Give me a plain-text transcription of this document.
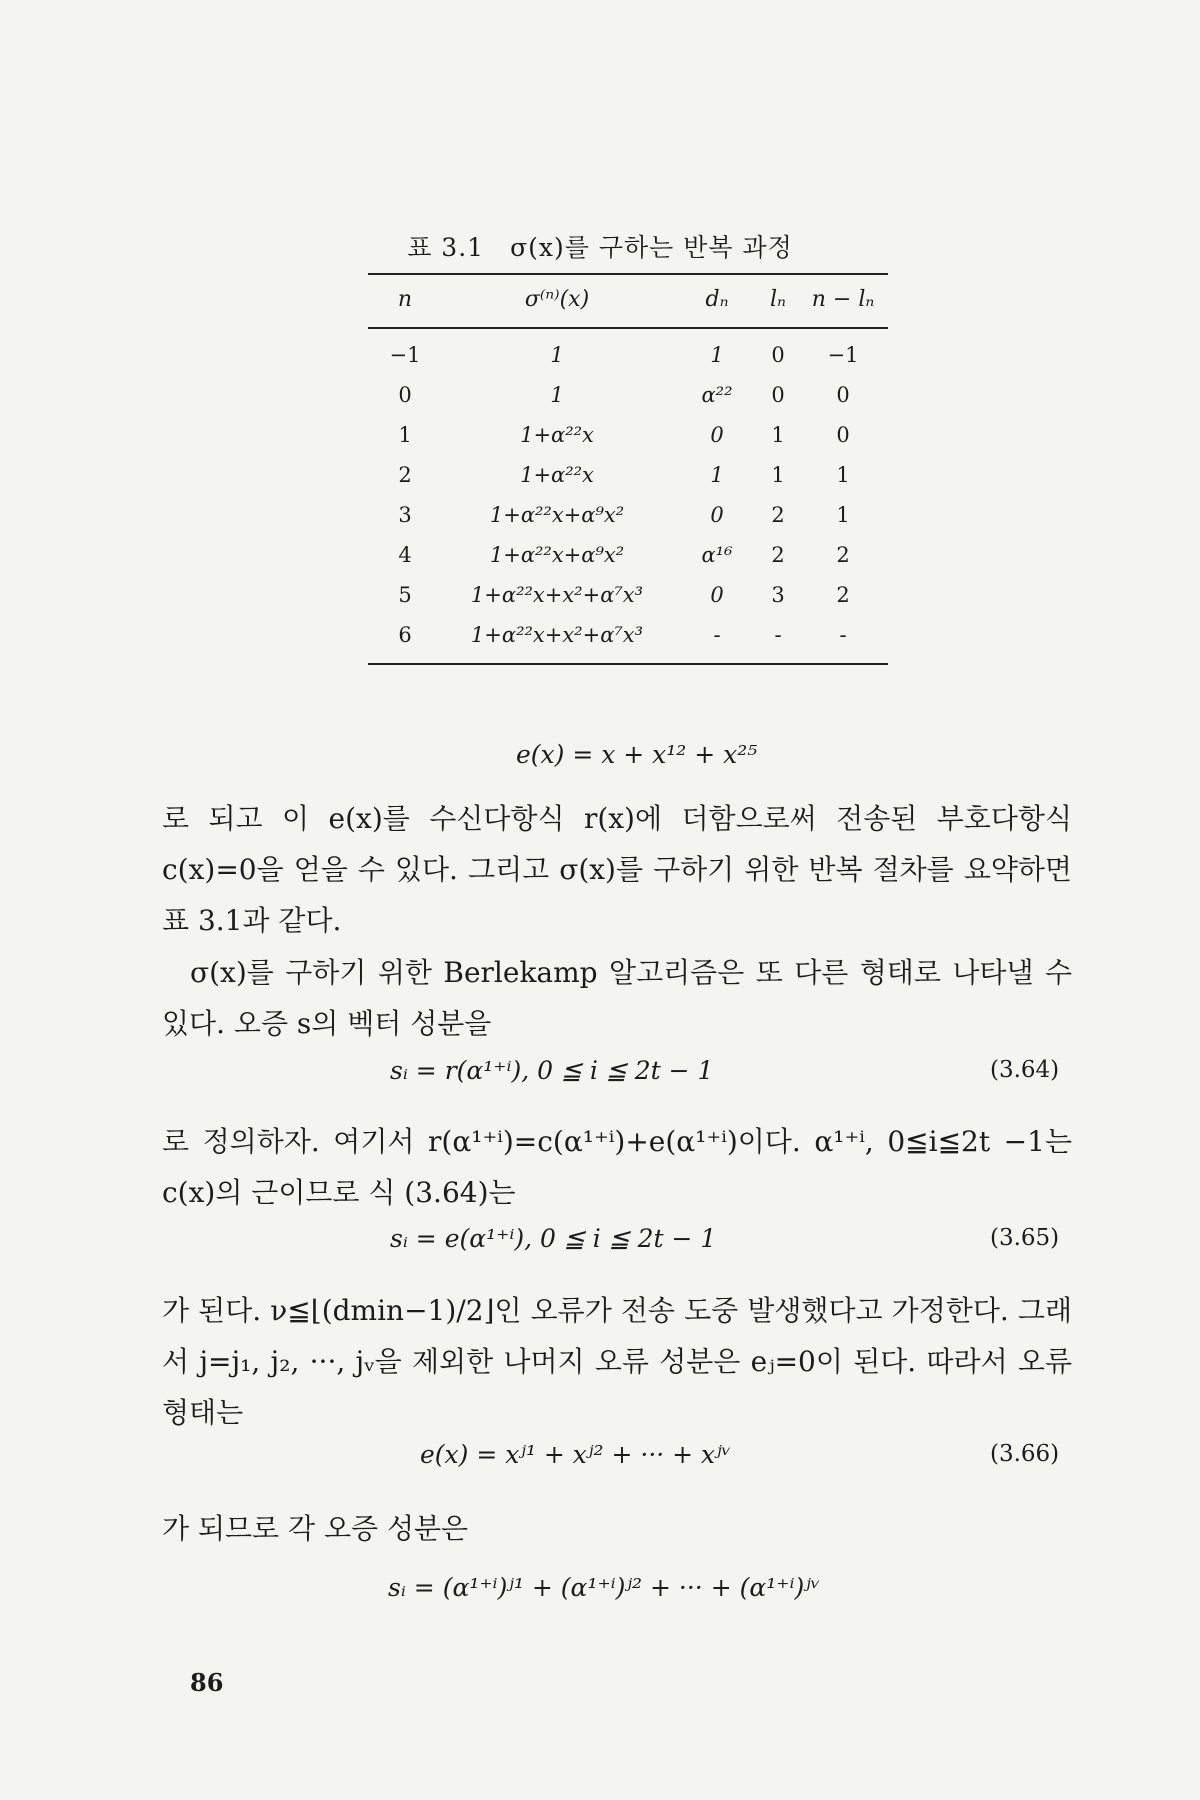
표 3.1 σ(x)를 구하는 반복 과정
n	σ⁽ⁿ⁾(x)	dₙ lₙ n − lₙ
−1	1	1 0 −1
0	1	α²² 0 0
1	1+α²²x	0 1 0
2	1+α²²x	1 1 1
3	1+α²²x+α⁹x²	0 2 1
4	1+α²²x+α⁹x²	α¹⁶ 2 2
5	1+α²²x+x²+α⁷x³	0 3 2
6	1+α²²x+x²+α⁷x³	-	-	-
e(x) = x + x¹² + x²⁵
로 되고 이 e(x)를 수신다항식 r(x)에 더함으로써 전송된 부호다항식 c(x)=0을 얻을 수 있다. 그리고 σ(x)를 구하기 위한 반복 절차를 요약하면 표 3.1과 같다.
σ(x)를 구하기 위한 Berlekamp 알고리즘은 또 다른 형태로 나타낼 수 있다. 오증 s의 벡터 성분을
sᵢ = r(α¹⁺ⁱ), 0 ≦ i ≦ 2t − 1	(3.64)
로 정의하자. 여기서 r(α¹⁺ⁱ)=c(α¹⁺ⁱ)+e(α¹⁺ⁱ)이다. α¹⁺ⁱ, 0≦i≦2t −1는 c(x)의 근이므로 식 (3.64)는
sᵢ = e(α¹⁺ⁱ), 0 ≦ i ≦ 2t − 1	(3.65)
가 된다. ν≦⌊(dmin−1)/2⌋인 오류가 전송 도중 발생했다고 가정한다. 그래서 j=j₁, j₂, ···, jᵥ을 제외한 나머지 오류 성분은 eⱼ=0이 된다. 따라서 오류형태는
e(x) = xʲ¹ + xʲ² + ··· + xʲᵛ	(3.66)
가 되므로 각 오증 성분은
sᵢ = (α¹⁺ⁱ)ʲ¹ + (α¹⁺ⁱ)ʲ² + ··· + (α¹⁺ⁱ)ʲᵛ
86
